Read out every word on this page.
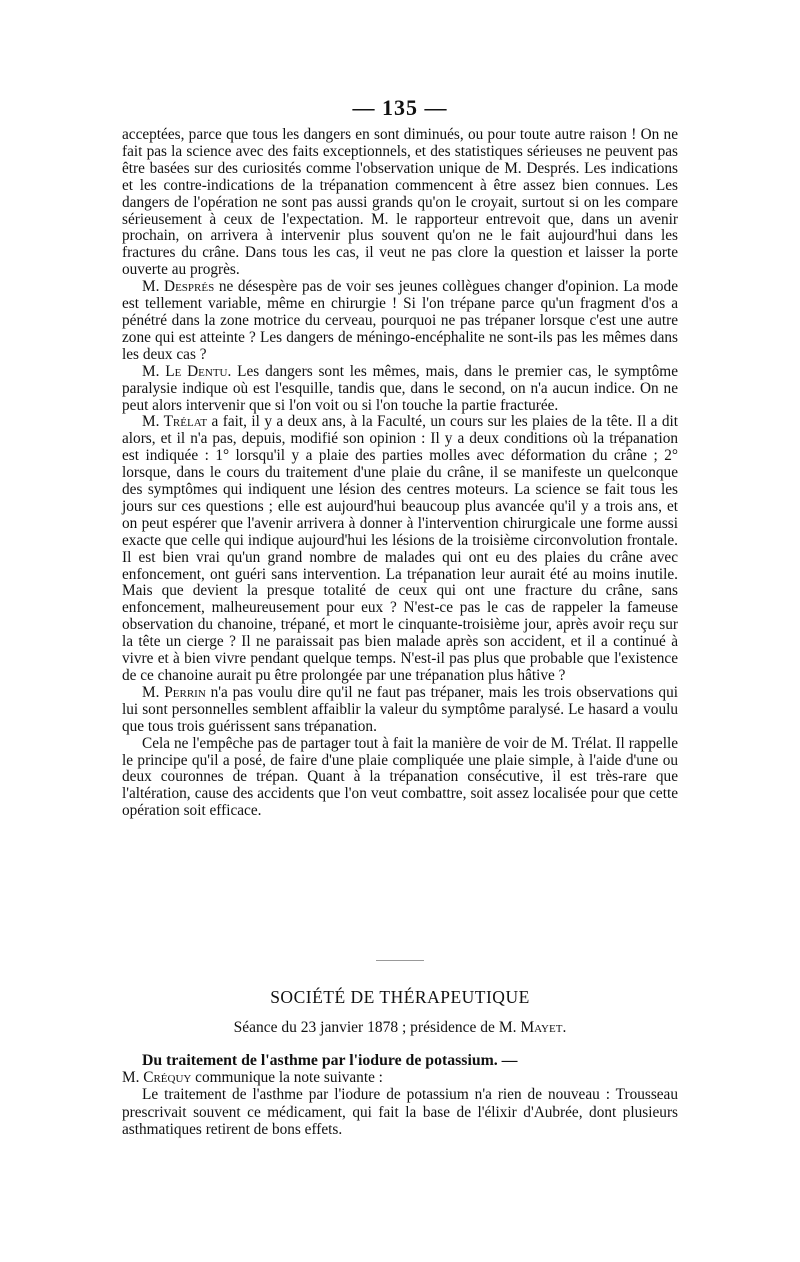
— 135 —

acceptées, parce que tous les dangers en sont diminués, ou pour toute autre raison ! On ne fait pas la science avec des faits exceptionnels, et des statistiques sérieuses ne peuvent pas être basées sur des curiosités comme l'observation unique de M. Després. Les indications et les contre-indications de la trépanation commencent à être assez bien connues. Les dangers de l'opération ne sont pas aussi grands qu'on le croyait, surtout si on les compare sérieusement à ceux de l'expectation. M. le rapporteur entrevoit que, dans un avenir prochain, on arrivera à intervenir plus souvent qu'on ne le fait aujourd'hui dans les fractures du crâne. Dans tous les cas, il veut ne pas clore la question et laisser la porte ouverte au progrès.

M. Després ne désespère pas de voir ses jeunes collègues changer d'opinion. La mode est tellement variable, même en chirurgie ! Si l'on trépane parce qu'un fragment d'os a pénétré dans la zone motrice du cerveau, pourquoi ne pas trépaner lorsque c'est une autre zone qui est atteinte ? Les dangers de méningo-encéphalite ne sont-ils pas les mêmes dans les deux cas ?

M. Le Dentu. Les dangers sont les mêmes, mais, dans le premier cas, le symptôme paralysie indique où est l'esquille, tandis que, dans le second, on n'a aucun indice. On ne peut alors intervenir que si l'on voit ou si l'on touche la partie fracturée.

M. Trélat a fait, il y a deux ans, à la Faculté, un cours sur les plaies de la tête. Il a dit alors, et il n'a pas, depuis, modifié son opinion : Il y a deux conditions où la trépanation est indiquée : 1° lorsqu'il y a plaie des parties molles avec déformation du crâne ; 2° lorsque, dans le cours du traitement d'une plaie du crâne, il se manifeste un quelconque des symptômes qui indiquent une lésion des centres moteurs. La science se fait tous les jours sur ces questions ; elle est aujourd'hui beaucoup plus avancée qu'il y a trois ans, et on peut espérer que l'avenir arrivera à donner à l'intervention chirurgicale une forme aussi exacte que celle qui indique aujourd'hui les lésions de la troisième circonvolution frontale. Il est bien vrai qu'un grand nombre de malades qui ont eu des plaies du crâne avec enfoncement, ont guéri sans intervention. La trépanation leur aurait été au moins inutile. Mais que devient la presque totalité de ceux qui ont une fracture du crâne, sans enfoncement, malheureusement pour eux ? N'est-ce pas le cas de rappeler la fameuse observation du chanoine, trépané, et mort le cinquante-troisième jour, après avoir reçu sur la tête un cierge ? Il ne paraissait pas bien malade après son accident, et il a continué à vivre et à bien vivre pendant quelque temps. N'est-il pas plus que probable que l'existence de ce chanoine aurait pu être prolongée par une trépanation plus hâtive ?

M. Perrin n'a pas voulu dire qu'il ne faut pas trépaner, mais les trois observations qui lui sont personnelles semblent affaiblir la valeur du symptôme paralysé. Le hasard a voulu que tous trois guérissent sans trépanation.

Cela ne l'empêche pas de partager tout à fait la manière de voir de M. Trélat. Il rappelle le principe qu'il a posé, de faire d'une plaie compliquée une plaie simple, à l'aide d'une ou deux couronnes de trépan. Quant à la trépanation consécutive, il est très-rare que l'altération, cause des accidents que l'on veut combattre, soit assez localisée pour que cette opération soit efficace.

SOCIÉTÉ DE THÉRAPEUTIQUE
Séance du 23 janvier 1878 ; présidence de M. Mayet.

Du traitement de l'asthme par l'iodure de potassium. —

M. Créquy communique la note suivante :

Le traitement de l'asthme par l'iodure de potassium n'a rien de nouveau : Trousseau prescrivait souvent ce médicament, qui fait la base de l'élixir d'Aubrée, dont plusieurs asthmatiques retirent de bons effets.
